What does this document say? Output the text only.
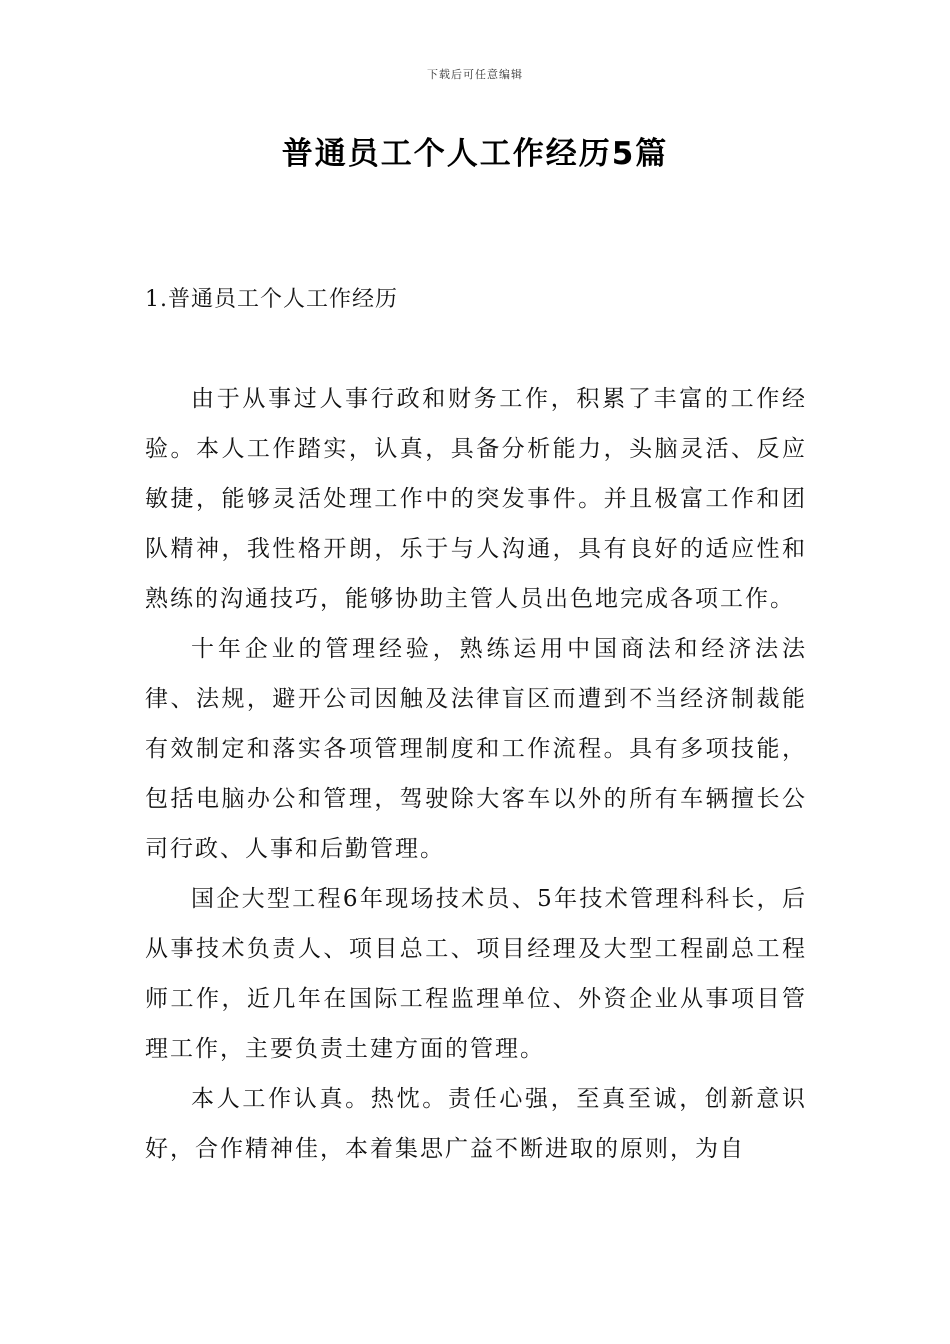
下载后可任意编辑
普通员工个人工作经历5篇
1.普通员工个人工作经历

由于从事过人事行政和财务工作，积累了丰富的工作经验。本人工作踏实，认真，具备分析能力，头脑灵活、反应敏捷，能够灵活处理工作中的突发事件。并且极富工作和团队精神，我性格开朗，乐于与人沟通，具有良好的适应性和熟练的沟通技巧，能够协助主管人员出色地完成各项工作。

十年企业的管理经验，熟练运用中国商法和经济法法律、法规，避开公司因触及法律盲区而遭到不当经济制裁能有效制定和落实各项管理制度和工作流程。具有多项技能，包括电脑办公和管理，驾驶除大客车以外的所有车辆擅长公司行政、人事和后勤管理。

国企大型工程6年现场技术员、5年技术管理科科长，后从事技术负责人、项目总工、项目经理及大型工程副总工程师工作，近几年在国际工程监理单位、外资企业从事项目管理工作，主要负责土建方面的管理。

本人工作认真。热忱。责任心强，至真至诚，创新意识好，合作精神佳，本着集思广益不断进取的原则，为自
